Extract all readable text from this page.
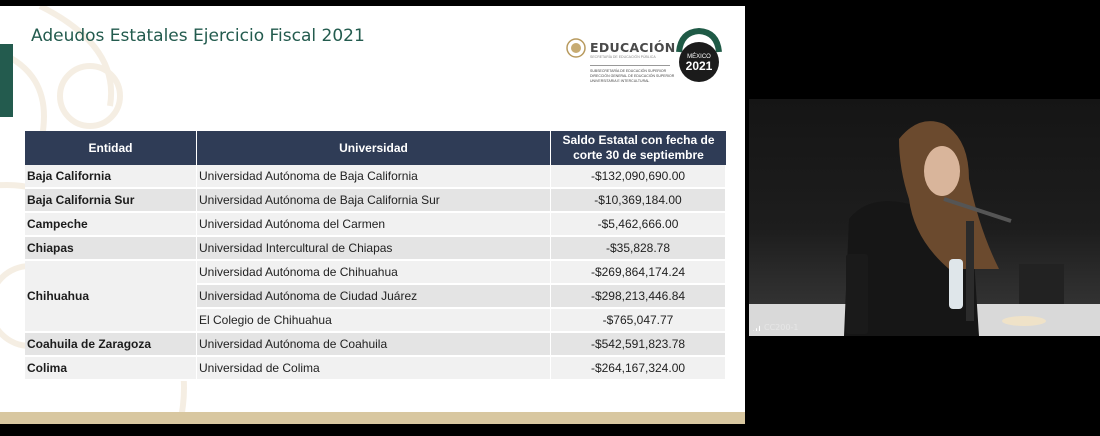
Adeudos Estatales Ejercicio Fiscal 2021
EDUCACIÓN
SECRETARÍA DE EDUCACIÓN PÚBLICA
SUBSECRETARÍA DE EDUCACIÓN SUPERIOR
DIRECCIÓN GENERAL DE EDUCACIÓN SUPERIOR
UNIVERSITARIA E INTERCULTURAL
MÉXICO
2021
Entidad	Universidad	Saldo Estatal con fecha de corte 30 de septiembre
Baja California	Universidad Autónoma de Baja California	-$132,090,690.00
Baja California Sur	Universidad Autónoma de Baja California Sur	-$10,369,184.00
Campeche	Universidad Autónoma del Carmen	-$5,462,666.00
Chiapas	Universidad Intercultural de Chiapas	-$35,828.78
Chihuahua	Universidad Autónoma de Chihuahua	-$269,864,174.24
	Universidad Autónoma de Ciudad Juárez	-$298,213,446.84
	El Colegio de Chihuahua	-$765,047.77
Coahuila de Zaragoza	Universidad Autónoma de Coahuila	-$542,591,823.78
Colima	Universidad de Colima	-$264,167,324.00
CC200-1
